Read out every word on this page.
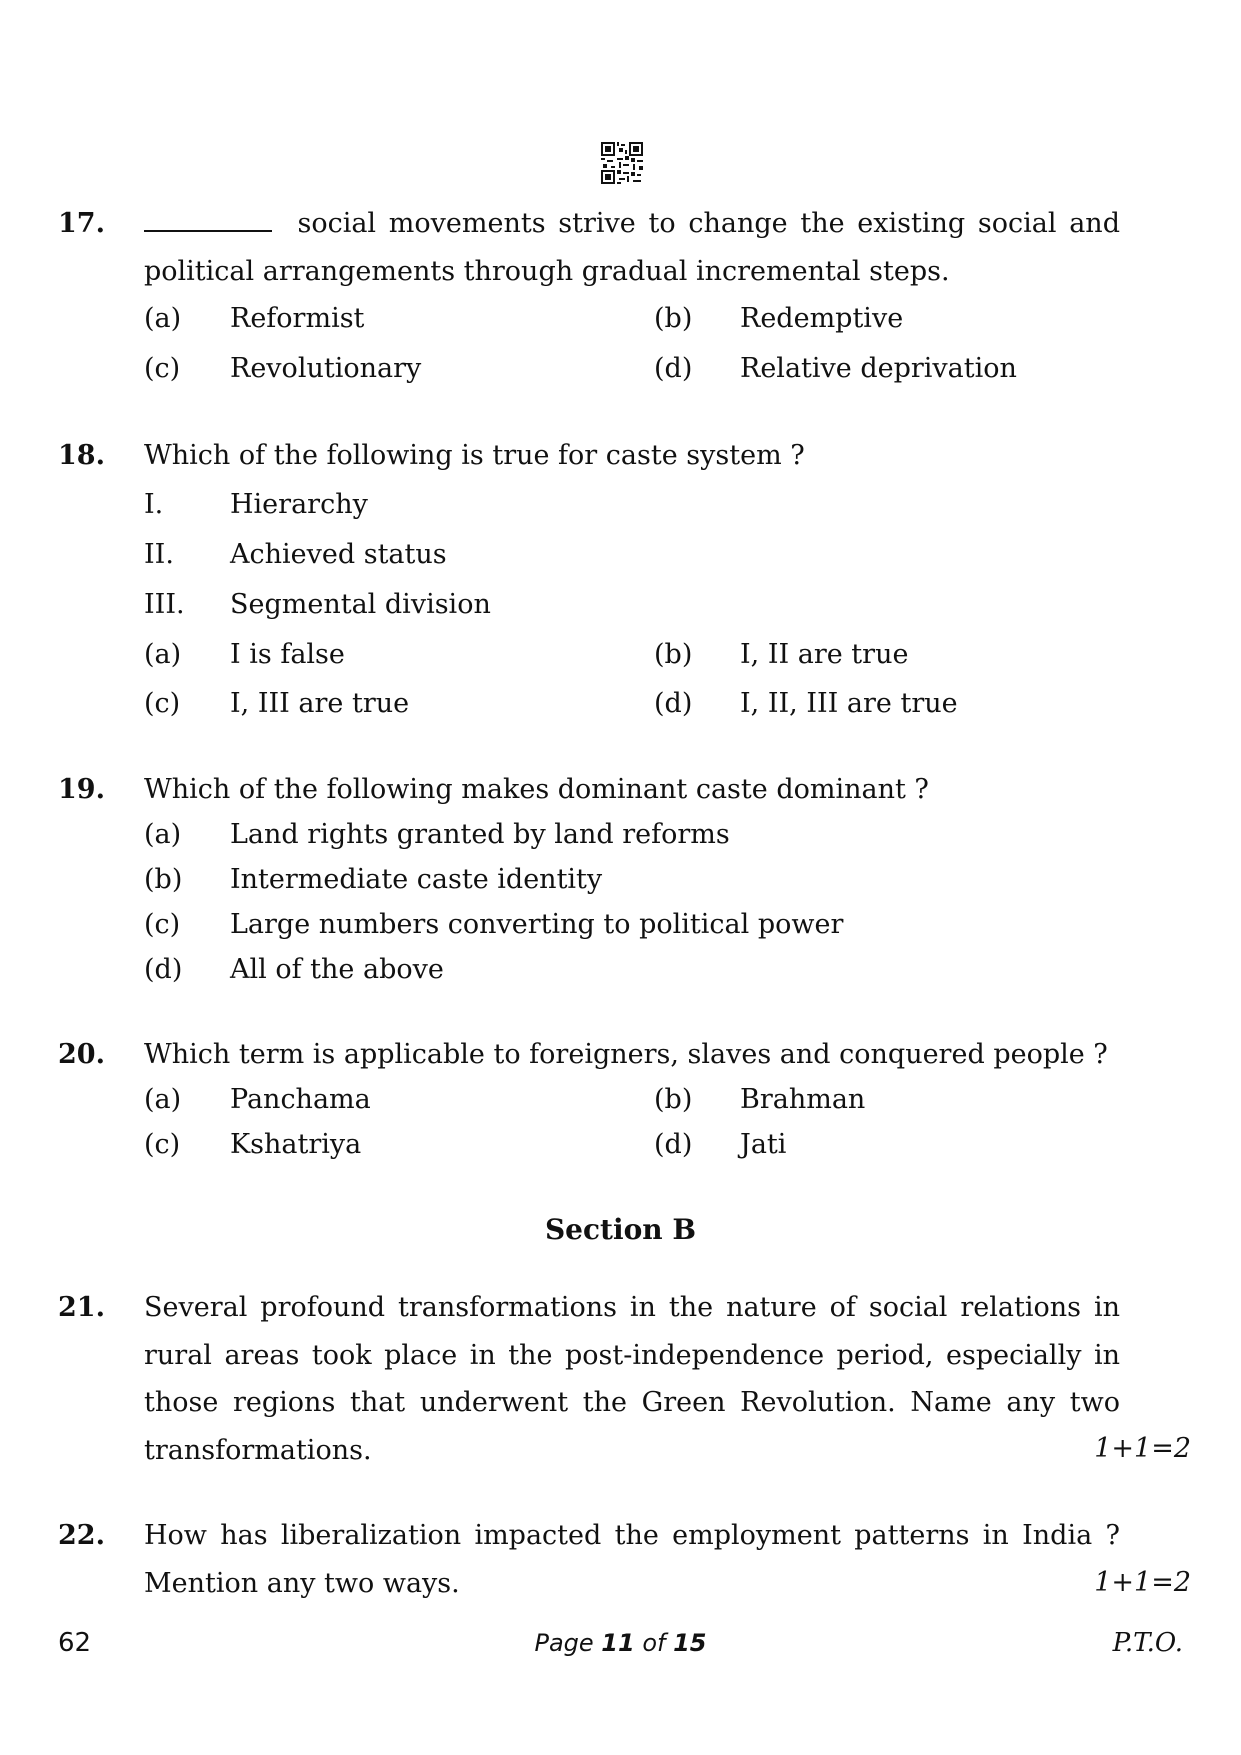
17.	social movements strive to change the existing social and
political arrangements through gradual incremental steps.
(a) Reformist	(b) Redemptive
(c) Revolutionary	(d) Relative deprivation
18. Which of the following is true for caste system ?
I. Hierarchy
II. Achieved status
III. Segmental division
(a) I is false	(b) I, II are true
(c) I, III are true	(d) I, II, III are true
19. Which of the following makes dominant caste dominant ?
(a) Land rights granted by land reforms
(b) Intermediate caste identity
(c) Large numbers converting to political power
(d) All of the above
20. Which term is applicable to foreigners, slaves and conquered people ?
(a) Panchama	(b) Brahman
(c) Kshatriya	(d) Jati
Section B
21. Several profound transformations in the nature of social relations in
rural areas took place in the post-independence period, especially in
those regions that underwent the Green Revolution. Name any two
transformations.	1+1=2
22. How has liberalization impacted the employment patterns in India ?
Mention any two ways.	1+1=2
62	Page 11 of 15	P.T.O.
